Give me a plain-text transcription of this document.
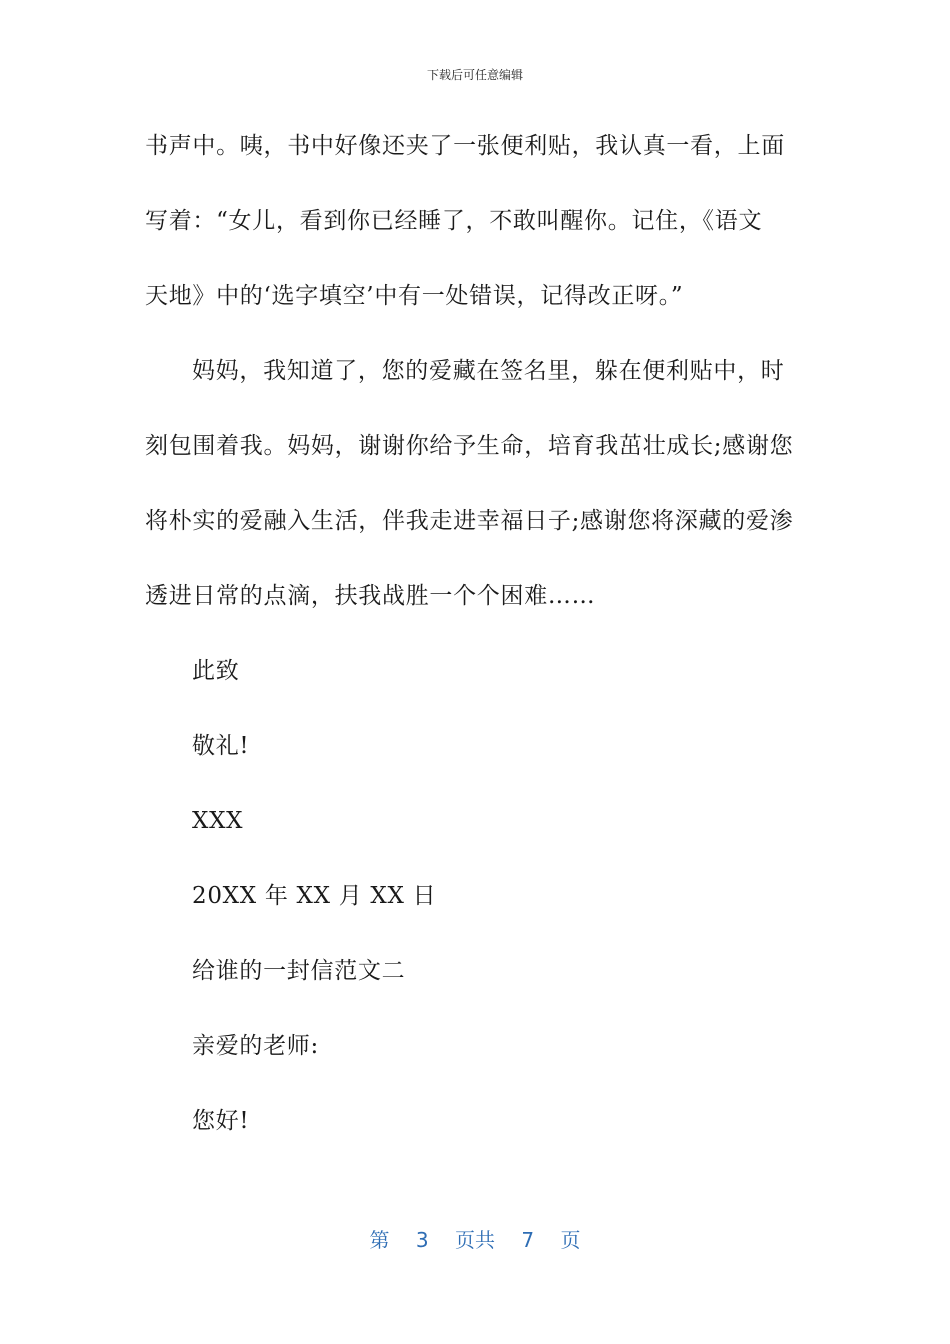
下载后可任意编辑
书声中。咦，书中好像还夹了一张便利贴，我认真一看，上面
写着：“女儿，看到你已经睡了，不敢叫醒你。记住，《语文
天地》中的‘选字填空’中有一处错误，记得改正呀。”
妈妈，我知道了，您的爱藏在签名里，躲在便利贴中，时
刻包围着我。妈妈，谢谢你给予生命，培育我茁壮成长;感谢您
将朴实的爱融入生活，伴我走进幸福日子;感谢您将深藏的爱渗
透进日常的点滴，扶我战胜一个个困难……
此致
敬礼!
XXX
20XX 年 XX 月 XX 日
给谁的一封信范文二
亲爱的老师:
您好!
第 3 页共 7 页
